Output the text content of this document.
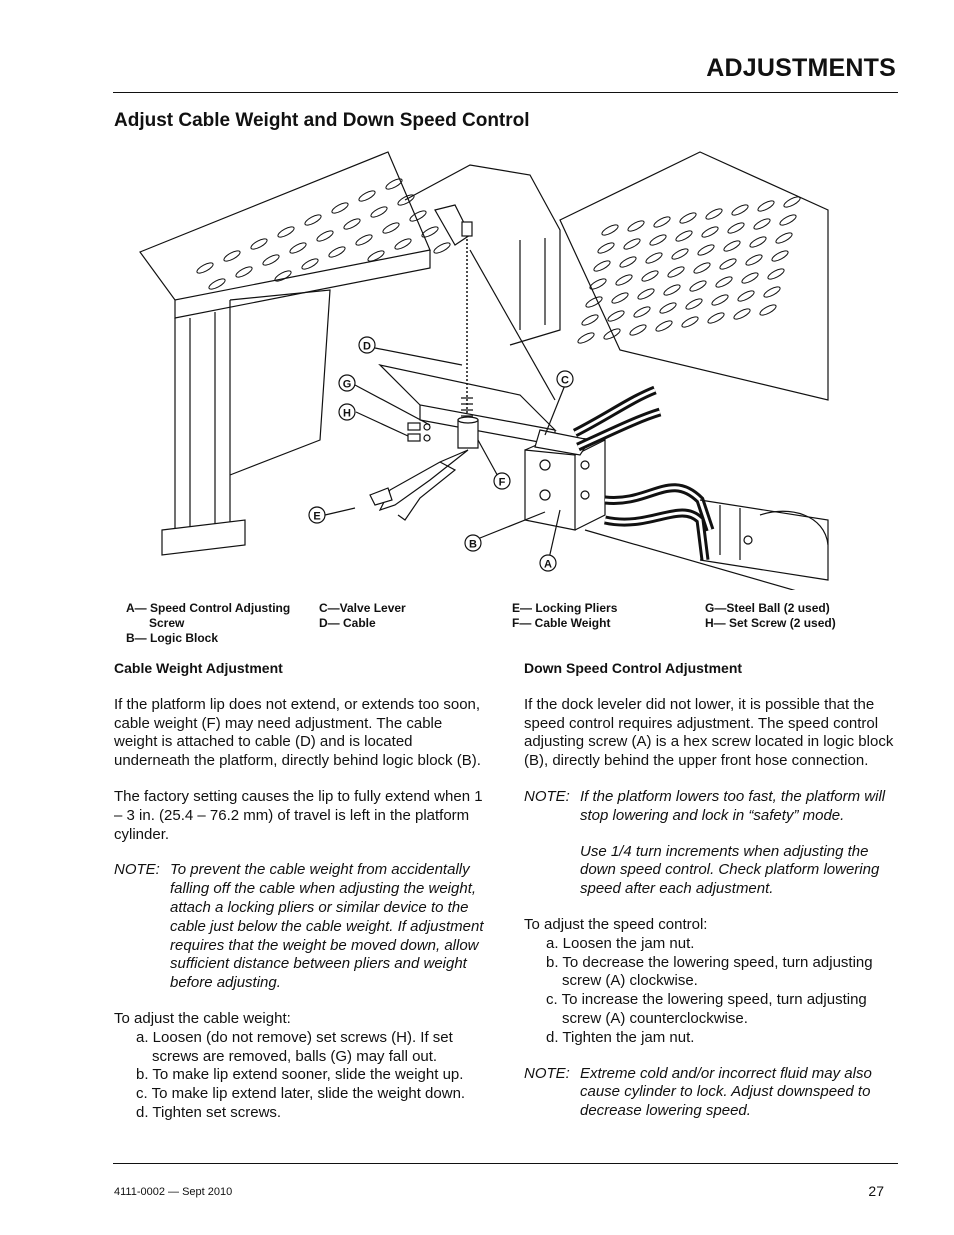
ADJUSTMENTS
Adjust Cable Weight and Down Speed Control
D
G
H
C
F
E
B
A
A— Speed Control Adjusting
Screw
B— Logic Block
C—Valve Lever
D— Cable
E— Locking Pliers
F— Cable Weight
G—Steel Ball (2 used)
H— Set Screw (2 used)

Cable Weight Adjustment

If the platform lip does not extend, or extends too soon, cable weight (F) may need adjustment. The cable weight is attached to cable (D) and is located underneath the platform, directly behind logic block (B).

The factory setting causes the lip to fully extend when 1 – 3 in. (25.4 – 76.2 mm) of travel is left in the platform cylinder.

NOTE: To prevent the cable weight from accidentally falling off the cable when adjusting the weight, attach a locking pliers or similar device to the cable just below the cable weight. If adjustment requires that the weight be moved down, allow sufficient distance between pliers and weight before adjusting.
To adjust the cable weight:
a. Loosen (do not remove) set screws (H). If set screws are removed, balls (G) may fall out.
b. To make lip extend sooner, slide the weight up.
c. To make lip extend later, slide the weight down.
d. Tighten set screws.

Down Speed Control Adjustment

If the dock leveler did not lower, it is possible that the speed control requires adjustment. The speed control adjusting screw (A) is a hex screw located in logic block (B), directly behind the upper front hose connection.

NOTE: If the platform lowers too fast, the platform will stop lowering and lock in “safety” mode.
Use 1/4 turn increments when adjusting the down speed control. Check platform lowering speed after each adjustment.
To adjust the speed control:
a. Loosen the jam nut.
b. To decrease the lowering speed, turn adjusting screw (A) clockwise.
c. To increase the lowering speed, turn adjusting screw (A) counterclockwise.
d. Tighten the jam nut.
NOTE: Extreme cold and/or incorrect fluid may also cause cylinder to lock. Adjust downspeed to decrease lowering speed.
4111-0002 — Sept 2010	27
